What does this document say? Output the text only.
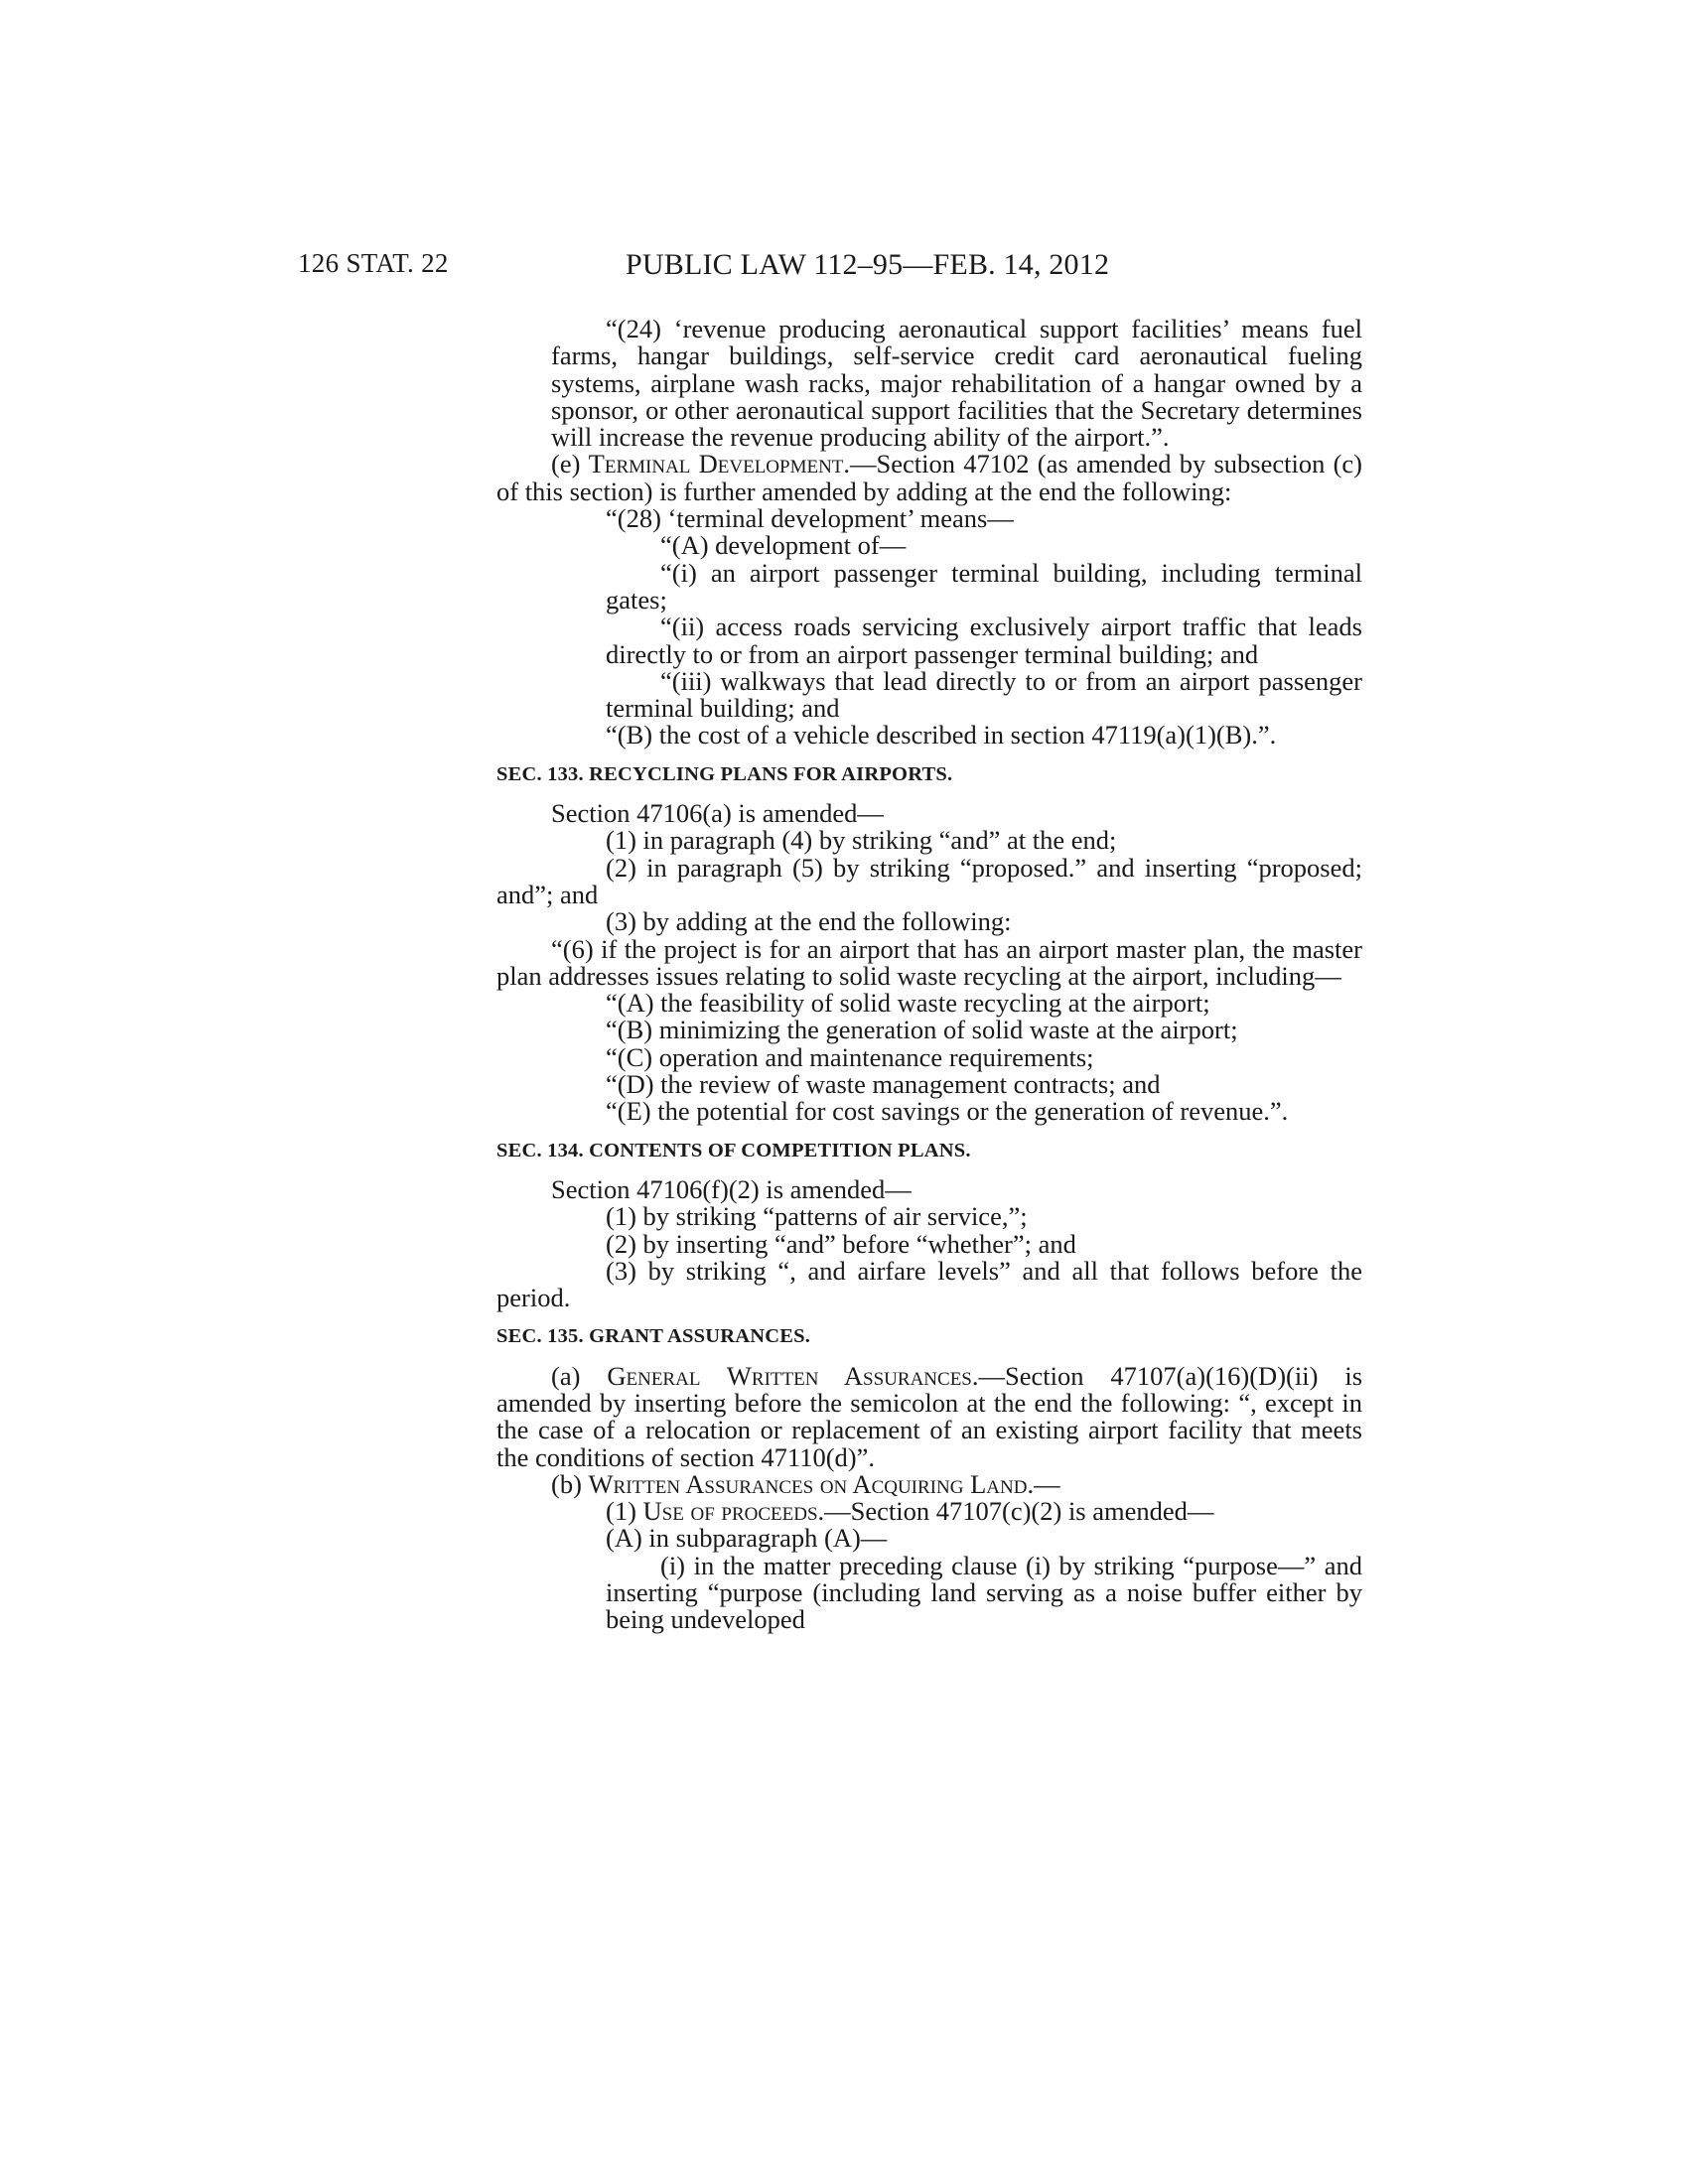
126 STAT. 22	PUBLIC LAW 112–95—FEB. 14, 2012

“(24) ‘revenue producing aeronautical support facilities’ means fuel farms, hangar buildings, self-service credit card aeronautical fueling systems, airplane wash racks, major rehabilitation of a hangar owned by a sponsor, or other aeronautical support facilities that the Secretary determines will increase the revenue producing ability of the airport.”.

(e) Terminal Development.—Section 47102 (as amended by subsection (c) of this section) is further amended by adding at the end the following:

“(28) ‘terminal development’ means—

“(A) development of—

“(i) an airport passenger terminal building, including terminal gates;

“(ii) access roads servicing exclusively airport traffic that leads directly to or from an airport passenger terminal building; and

“(iii) walkways that lead directly to or from an airport passenger terminal building; and

“(B) the cost of a vehicle described in section 47119(a)(1)(B).”.

SEC. 133. RECYCLING PLANS FOR AIRPORTS.

Section 47106(a) is amended—

(1) in paragraph (4) by striking “and” at the end;

(2) in paragraph (5) by striking “proposed.” and inserting “proposed; and”; and

(3) by adding at the end the following:

“(6) if the project is for an airport that has an airport master plan, the master plan addresses issues relating to solid waste recycling at the airport, including—

“(A) the feasibility of solid waste recycling at the airport;

“(B) minimizing the generation of solid waste at the airport;

“(C) operation and maintenance requirements;

“(D) the review of waste management contracts; and

“(E) the potential for cost savings or the generation of revenue.”.

SEC. 134. CONTENTS OF COMPETITION PLANS.

Section 47106(f)(2) is amended—

(1) by striking “patterns of air service,”;

(2) by inserting “and” before “whether”; and

(3) by striking “, and airfare levels” and all that follows before the period.

SEC. 135. GRANT ASSURANCES.

(a) General Written Assurances.—Section 47107(a)(16)(D)(ii) is amended by inserting before the semicolon at the end the following: “, except in the case of a relocation or replacement of an existing airport facility that meets the conditions of section 47110(d)”.

(b) Written Assurances on Acquiring Land.—

(1) Use of proceeds.—Section 47107(c)(2) is amended—

(A) in subparagraph (A)—

(i) in the matter preceding clause (i) by striking “purpose—” and inserting “purpose (including land serving as a noise buffer either by being undeveloped
